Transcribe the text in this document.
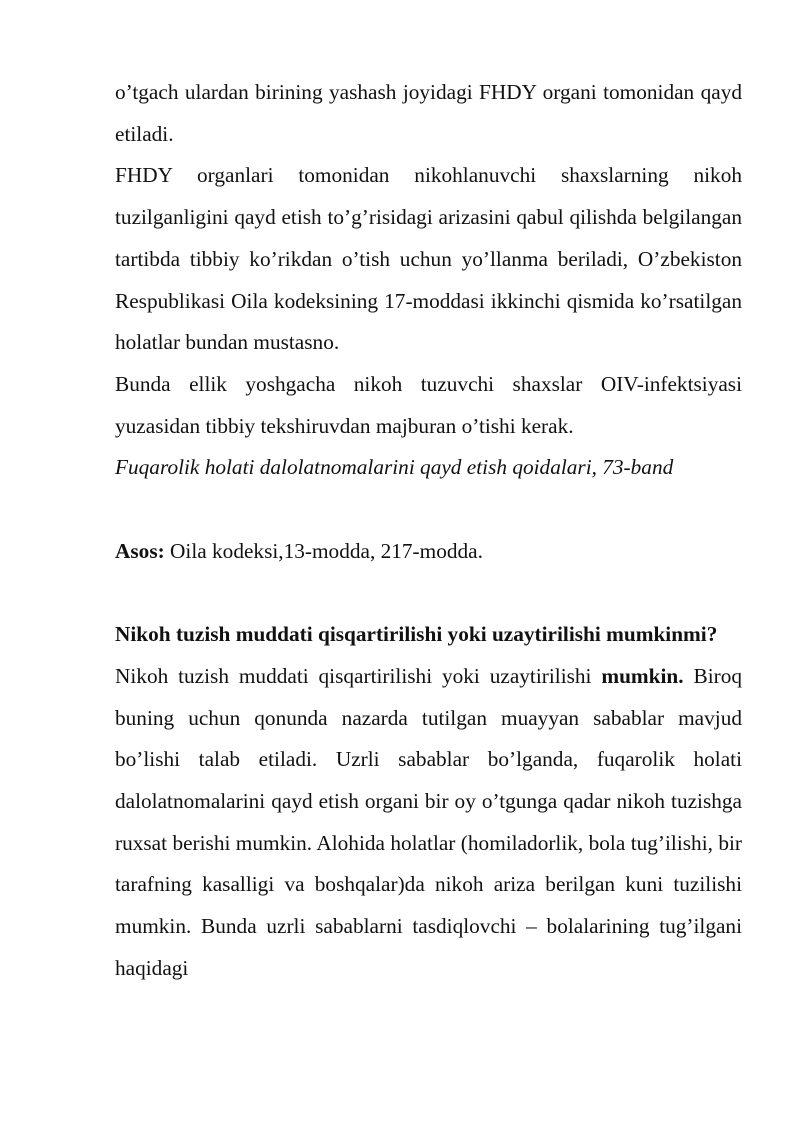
o’tgach ulardan birining yashash joyidagi FHDY organi tomonidan qayd etiladi.

FHDY organlari tomonidan nikohlanuvchi shaxslarning nikoh tuzilganligini qayd etish to’g’risidagi arizasini qabul qilishda belgilangan tartibda tibbiy ko’rikdan o’tish uchun yo’llanma beriladi, O’zbekiston Respublikasi Oila kodeksining 17-moddasi ikkinchi qismida ko’rsatilgan holatlar bundan mustasno.

Bunda ellik yoshgacha nikoh tuzuvchi shaxslar OIV-infektsiyasi yuzasidan tibbiy tekshiruvdan majburan o’tishi kerak.

Fuqarolik holati dalolatnomalarini qayd etish qoidalari, 73-band

Asos: Oila kodeksi,13-modda, 217-modda.

Nikoh tuzish muddati qisqartirilishi yoki uzaytirilishi mumkinmi?

Nikoh tuzish muddati qisqartirilishi yoki uzaytirilishi mumkin. Biroq buning uchun qonunda nazarda tutilgan muayyan sabablar mavjud bo’lishi talab etiladi. Uzrli sabablar bo’lganda, fuqarolik holati dalolatnomalarini qayd etish organi bir oy o’tgunga qadar nikoh tuzishga ruxsat berishi mumkin. Alohida holatlar (homiladorlik, bola tug’ilishi, bir tarafning kasalligi va boshqalar)da nikoh ariza berilgan kuni tuzilishi mumkin. Bunda uzrli sabablarni tasdiqlovchi – bolalarining tug’ilgani haqidagi
